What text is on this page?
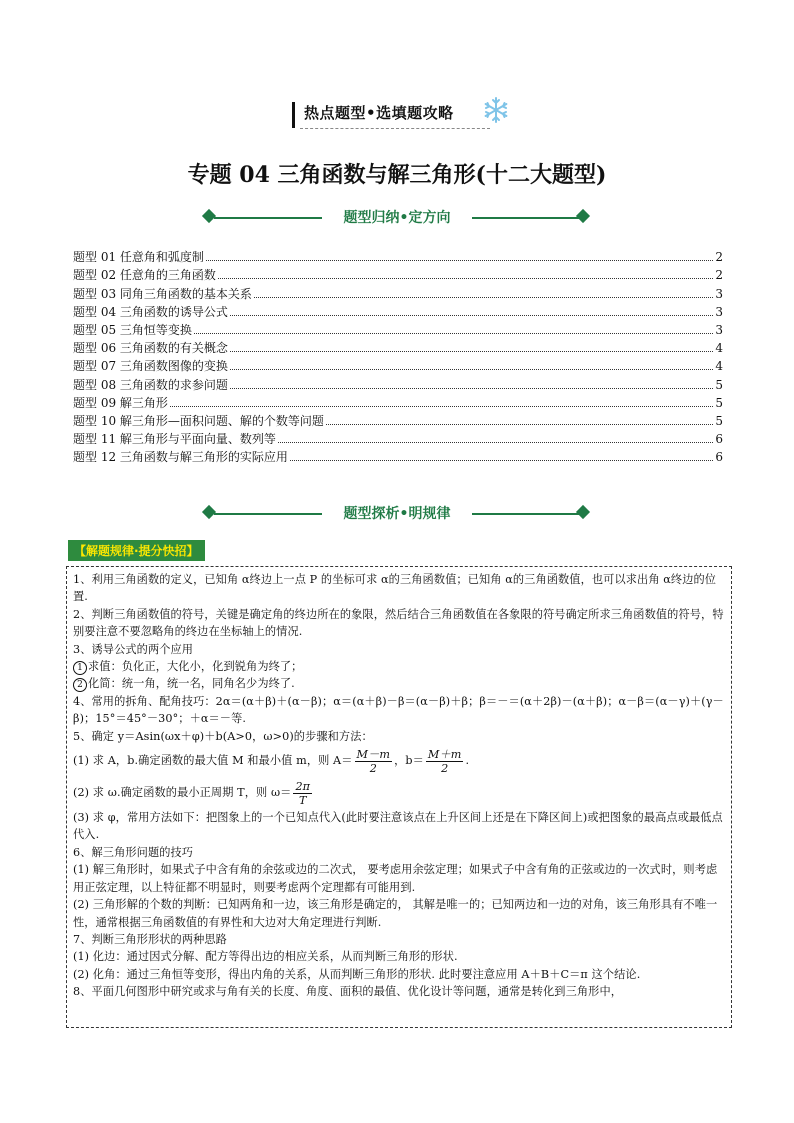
热点题型•选填题攻略
专题 04 三角函数与解三角形(十二大题型)
题型归纳•定方向
题型 01 任意角和弧度制	2
题型 02 任意角的三角函数	2
题型 03 同角三角函数的基本关系	3
题型 04 三角函数的诱导公式	3
题型 05 三角恒等变换	3
题型 06 三角函数的有关概念	4
题型 07 三角函数图像的变换	4
题型 08 三角函数的求参问题	5
题型 09 解三角形	5
题型 10 解三角形—面积问题、解的个数等问题	5
题型 11 解三角形与平面向量、数列等	6
题型 12 三角函数与解三角形的实际应用	6
题型探析•明规律
【解题规律·提分快招】

1、利用三角函数的定义，已知角 α终边上一点 P 的坐标可求 α的三角函数值；已知角 α的三角函数值，也可以求出角 α终边的位置.

2、判断三角函数值的符号，关键是确定角的终边所在的象限，然后结合三角函数值在各象限的符号确定所求三角函数值的符号，特别要注意不要忽略角的终边在坐标轴上的情况.

3、诱导公式的两个应用

1 求值：负化正，大化小，化到锐角为终了；

2 化简：统一角，统一名，同角名少为终了.

4、常用的拆角、配角技巧：2α＝(α＋β)＋(α－β)；α＝(α＋β)－β＝(α－β)＋β；β＝－＝(α＋2β)－(α＋β)；α－β＝(α－γ)＋(γ－β)；15°＝45°－30°；＋α＝－等.

5、确定 y＝Asin(ωx＋φ)＋b(A>0，ω>0)的步骤和方法：

(1) 求 A，b.确定函数的最大值 M 和最小值 m，则 $A= \frac{M-m}{2}$ ，$b= \frac{M+m}{2}$ .

(2) 求 ω.确定函数的最小正周期 T，则 $\omega= \frac{2\pi}{T}$

(3) 求 φ，常用方法如下：把图象上的一个已知点代入(此时要注意该点在上升区间上还是在下降区间上)或把图象的最高点或最低点代入.

6、解三角形问题的技巧

(1) 解三角形时，如果式子中含有角的余弦或边的二次式， 要考虑用余弦定理；如果式子中含有角的正弦或边的一次式时，则考虑用正弦定理，以上特征都不明显时，则要考虑两个定理都有可能用到.

(2) 三角形解的个数的判断：已知两角和一边，该三角形是确定的， 其解是唯一的；已知两边和一边的对角，该三角形具有不唯一性，通常根据三角函数值的有界性和大边对大角定理进行判断.

7、判断三角形形状的两种思路

(1) 化边：通过因式分解、配方等得出边的相应关系，从而判断三角形的形状.

(2) 化角：通过三角恒等变形，得出内角的关系，从而判断三角形的形状. 此时要注意应用 A＋B＋C＝π 这个结论.

8、平面几何图形中研究或求与角有关的长度、角度、面积的最值、优化设计等问题，通常是转化到三角形中，
